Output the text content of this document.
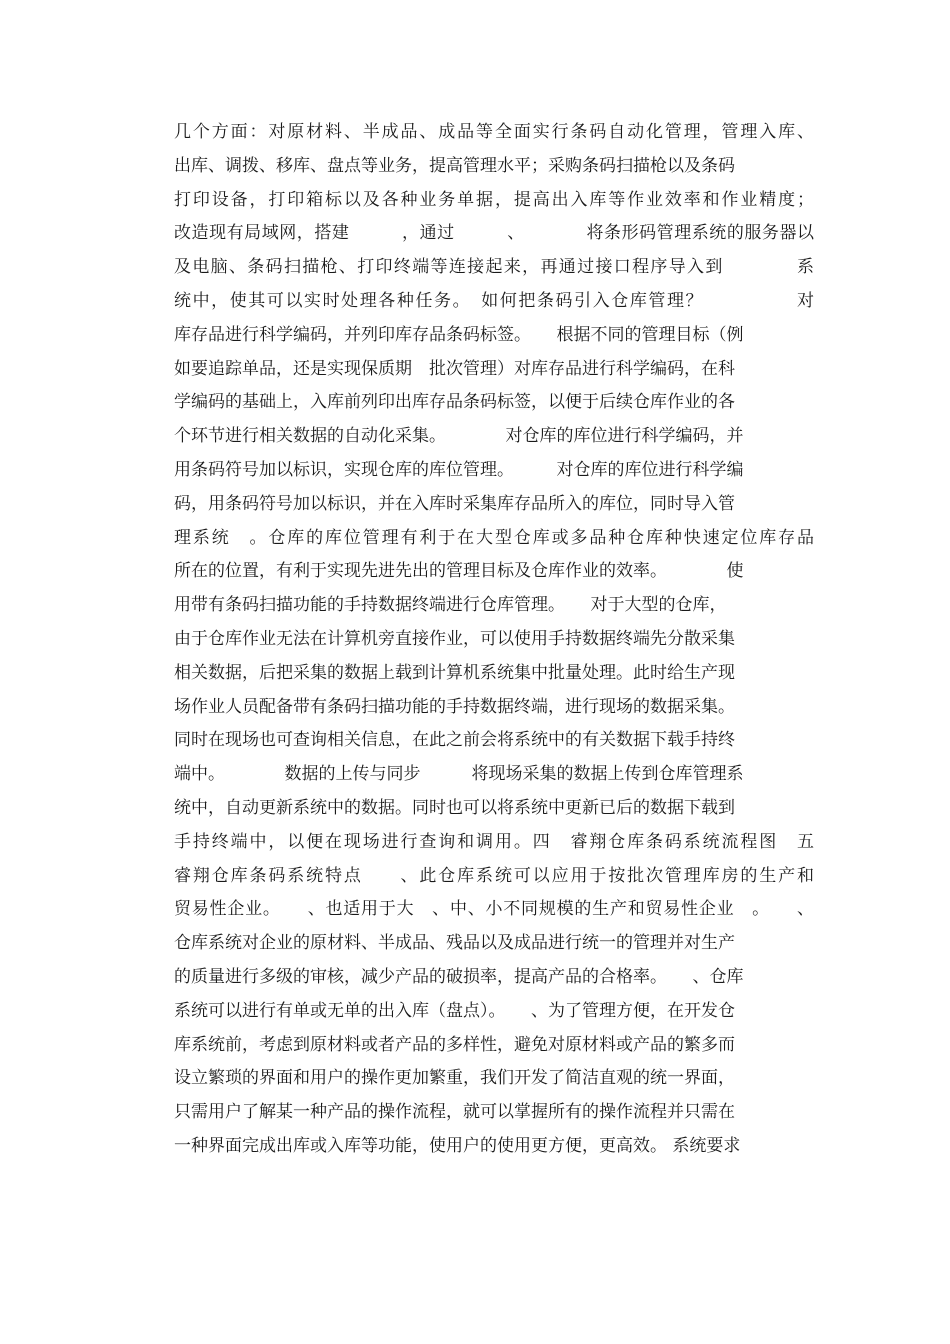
几个方面：对原材料、半成品、成品等全面实行条码自动化管理，管理入库、
出库、调拨、移库、盘点等业务，提高管理水平；采购条码扫描枪以及条码
打印设备，打印箱标以及各种业务单据，提高出入库等作业效率和作业精度；
改造现有局域网，搭建　　　，通过　　　、　　　　将条形码管理系统的服务器以
及电脑、条码扫描枪、打印终端等连接起来，再通过接口程序导入到　　　　系
统中，使其可以实时处理各种任务。　如何把条码引入仓库管理？　　　　　对
库存品进行科学编码，并列印库存品条码标签。　　根据不同的管理目标（例
如要追踪单品，还是实现保质期　批次管理）对库存品进行科学编码，在科
学编码的基础上，入库前列印出库存品条码标签，以便于后续仓库作业的各
个环节进行相关数据的自动化采集。　　　　对仓库的库位进行科学编码，并
用条码符号加以标识，实现仓库的库位管理。　　　对仓库的库位进行科学编
码，用条码符号加以标识，并在入库时采集库存品所入的库位，同时导入管
理系统　。仓库的库位管理有利于在大型仓库或多品种仓库种快速定位库存品
所在的位置，有利于实现先进先出的管理目标及仓库作业的效率。　　　　使
用带有条码扫描功能的手持数据终端进行仓库管理。　　对于大型的仓库，
由于仓库作业无法在计算机旁直接作业，可以使用手持数据终端先分散采集
相关数据，后把采集的数据上载到计算机系统集中批量处理。此时给生产现
场作业人员配备带有条码扫描功能的手持数据终端，进行现场的数据采集。
同时在现场也可查询相关信息，在此之前会将系统中的有关数据下载手持终
端中。　　　　数据的上传与同步　　　将现场采集的数据上传到仓库管理系
统中，自动更新系统中的数据。同时也可以将系统中更新已后的数据下载到
手持终端中，以便在现场进行查询和调用。四　睿翔仓库条码系统流程图　五
睿翔仓库条码系统特点　　、此仓库系统可以应用于按批次管理库房的生产和
贸易性企业。　　、也适用于大　、中、小不同规模的生产和贸易性企业　。　　、
仓库系统对企业的原材料、半成品、残品以及成品进行统一的管理并对生产
的质量进行多级的审核，减少产品的破损率，提高产品的合格率。　　、仓库
系统可以进行有单或无单的出入库（盘点）。　　、为了管理方便，在开发仓
库系统前，考虑到原材料或者产品的多样性，避免对原材料或产品的繁多而
设立繁琐的界面和用户的操作更加繁重，我们开发了简洁直观的统一界面，
只需用户了解某一种产品的操作流程，就可以掌握所有的操作流程并只需在
一种界面完成出库或入库等功能，使用户的使用更方便，更高效。 系统要求
